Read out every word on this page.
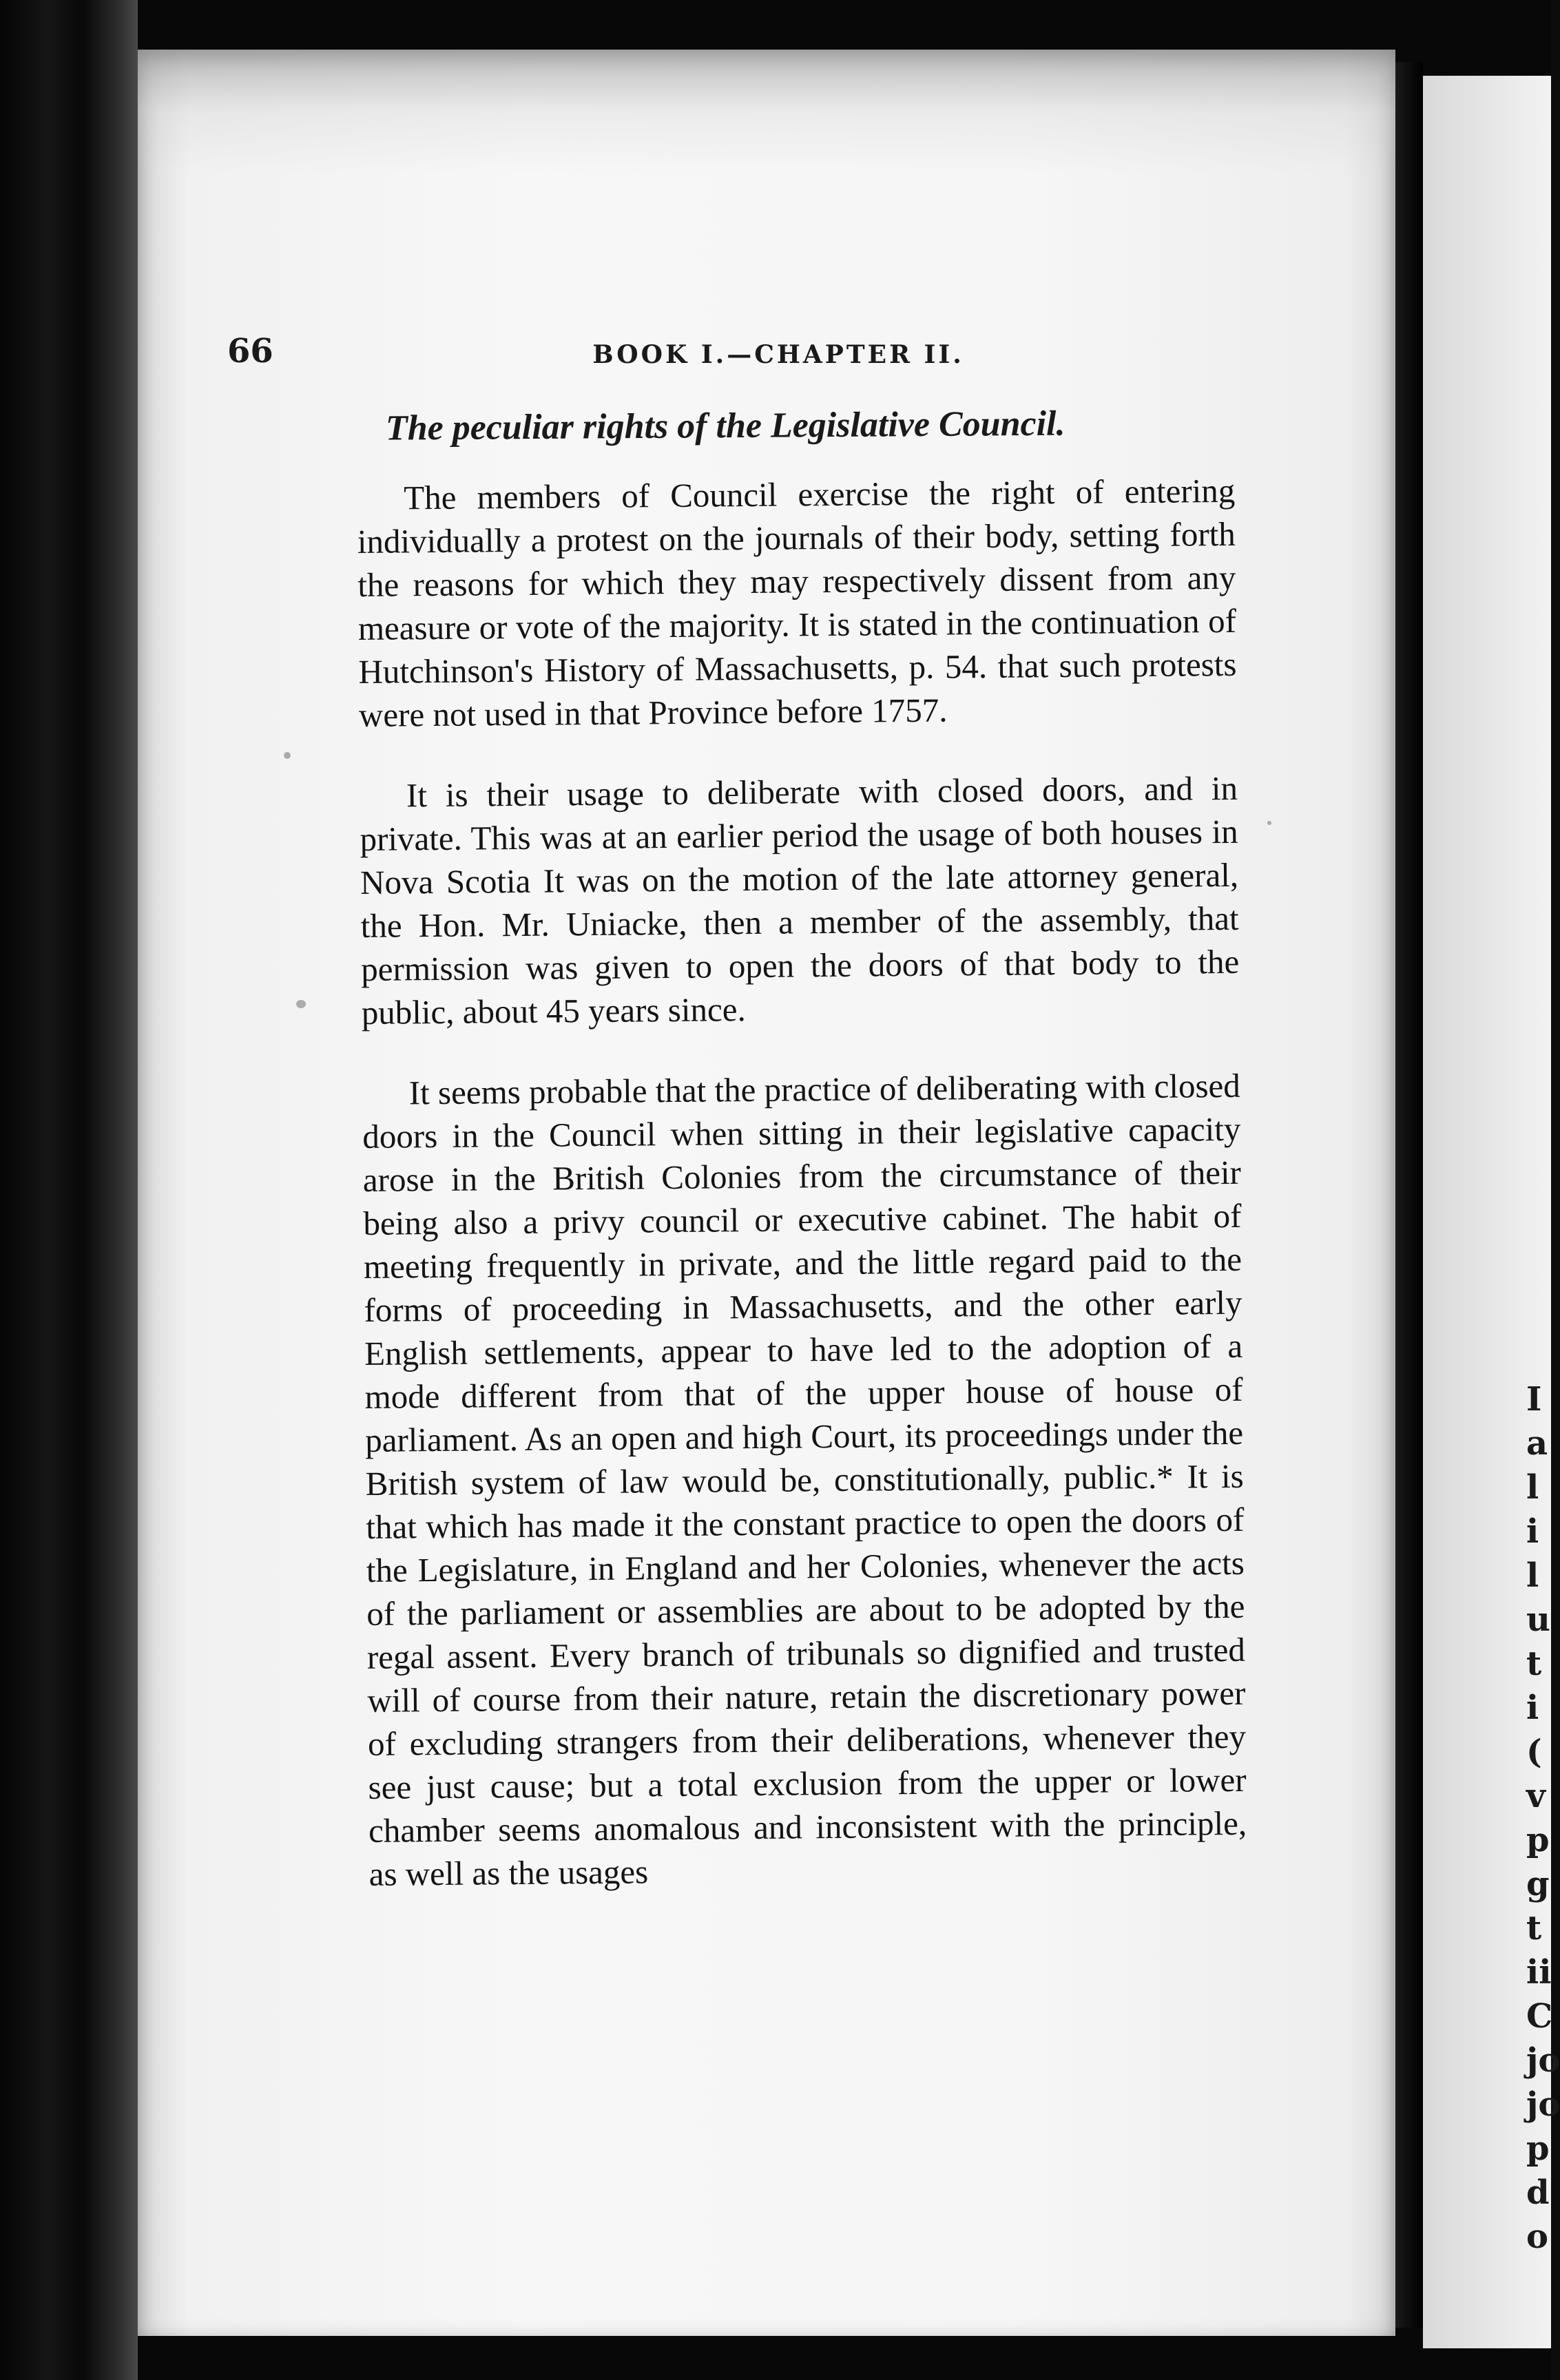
I
a
l
i
l
u
t
i
(
v
p
g
t
ii
C
jo
jo
p
d
o
66	BOOK I.—CHAPTER II.
The peculiar rights of the Legislative Council.

The members of Council exercise the right of entering individually a protest on the journals of their body, setting forth the reasons for which they may respectively dissent from any measure or vote of the majority. It is stated in the continuation of Hutchinson's History of Massachusetts, p. 54. that such protests were not used in that Province before 1757.

It is their usage to deliberate with closed doors, and in private. This was at an earlier period the usage of both houses in Nova Scotia It was on the motion of the late attorney general, the Hon. Mr. Uniacke, then a member of the assembly, that permission was given to open the doors of that body to the public, about 45 years since.

It seems probable that the practice of deliberating with closed doors in the Council when sitting in their legislative capacity arose in the British Colonies from the circumstance of their being also a privy council or executive cabinet. The habit of meeting frequently in private, and the little regard paid to the forms of proceeding in Massachusetts, and the other early English settlements, appear to have led to the adoption of a mode different from that of the upper house of house of parliament. As an open and high Court, its proceedings under the British system of law would be, constitutionally, public.* It is that which has made it the constant practice to open the doors of the Legislature, in England and her Colonies, whenever the acts of the parliament or assemblies are about to be adopted by the regal assent. Every branch of tribunals so dignified and trusted will of course from their nature, retain the discretionary power of excluding strangers from their deliberations, whenever they see just cause; but a total exclusion from the upper or lower chamber seems anomalous and inconsistent with the principle, as well as the usages
